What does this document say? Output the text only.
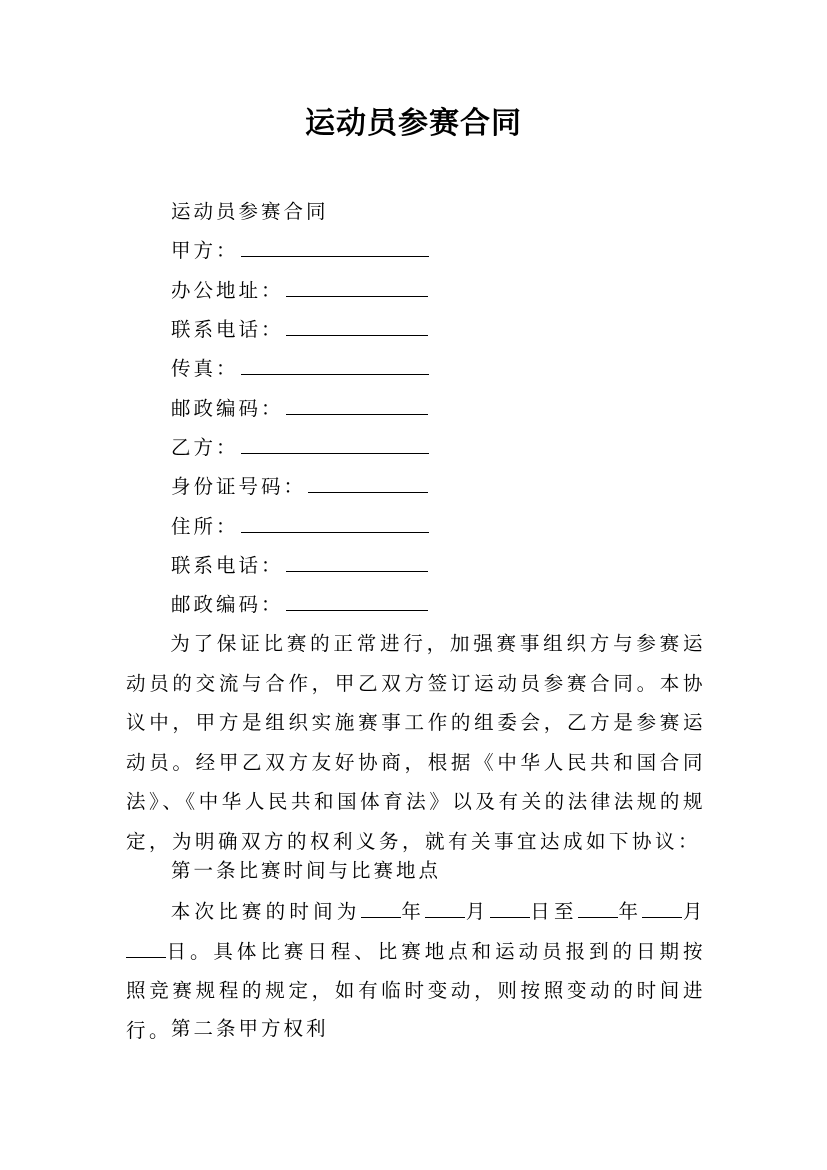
运动员参赛合同
运动员参赛合同
甲方：
办公地址：
联系电话：
传真：
邮政编码：
乙方：
身份证号码：
住所：
联系电话：
邮政编码：
为了保证比赛的正常进行，加强赛事组织方与参赛运动员的交流与合作，甲乙双方签订运动员参赛合同。本协议中，甲方是组织实施赛事工作的组委会，乙方是参赛运动员。经甲乙双方友好协商，根据《中华人民共和国合同法》、《中华人民共和国体育法》以及有关的法律法规的规定，为明确双方的权利义务，就有关事宜达成如下协议：
第一条比赛时间与比赛地点
本次比赛的时间为 年 月 日至 年 月日。具体比赛日程、比赛地点和运动员报到的日期按照竞赛规程的规定，如有临时变动，则按照变动的时间进行。
第二条甲方权利
